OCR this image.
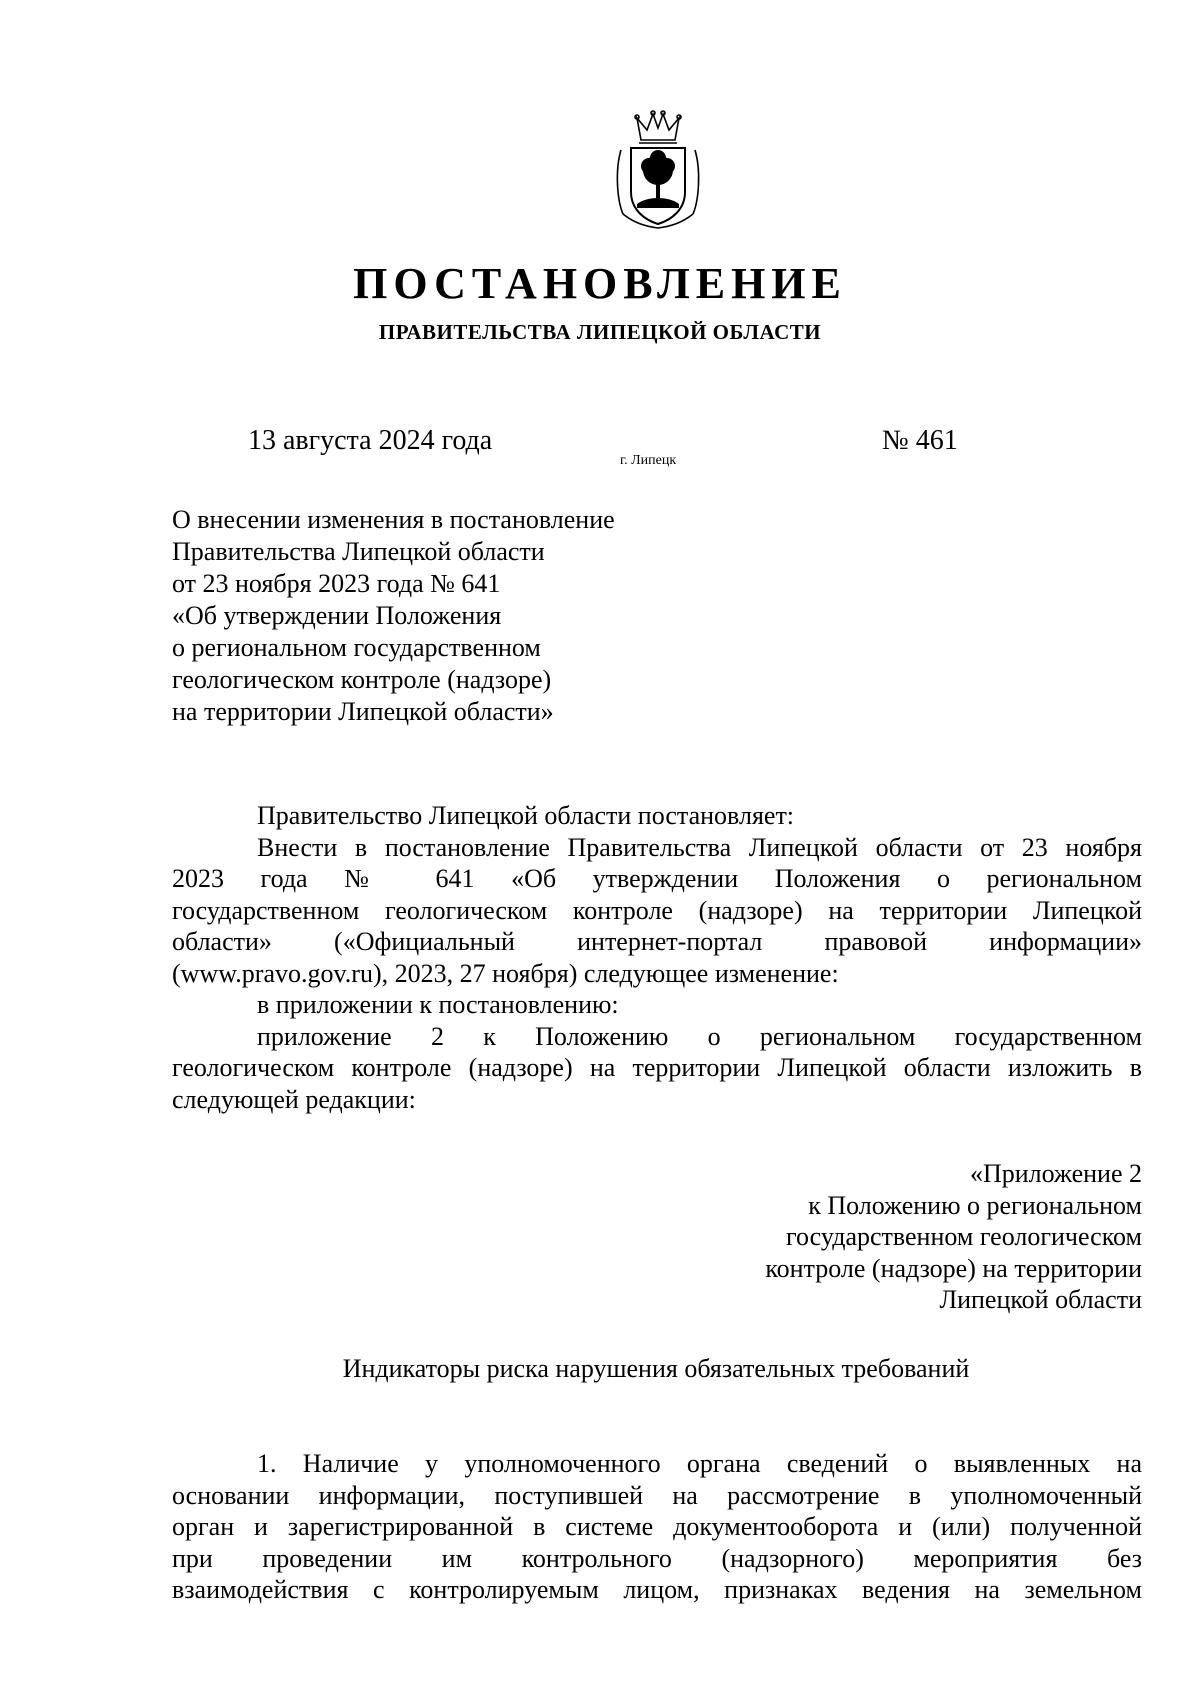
ПОСТАНОВЛЕНИЕ
ПРАВИТЕЛЬСТВА ЛИПЕЦКОЙ ОБЛАСТИ
13 августа 2024 года
г. Липецк
№ 461
О внесении изменения в постановление
Правительства Липецкой области
от 23 ноября 2023 года № 641
«Об утверждении Положения
о региональном государственном
геологическом контроле (надзоре)
на территории Липецкой области»
Правительство Липецкой области постановляет:
Внести в постановление Правительства Липецкой области от 23 ноября
2023 года № 641 «Об утверждении Положения о региональном
государственном геологическом контроле (надзоре) на территории Липецкой
области» («Официальный интернет-портал правовой информации»
(www.pravo.gov.ru), 2023, 27 ноября) следующее изменение:
в приложении к постановлению:
приложение 2 к Положению о региональном государственном
геологическом контроле (надзоре) на территории Липецкой области изложить в
следующей редакции:
«Приложение 2
к Положению о региональном
государственном геологическом
контроле (надзоре) на территории
Липецкой области
Индикаторы риска нарушения обязательных требований
1. Наличие у уполномоченного органа сведений о выявленных на
основании информации, поступившей на рассмотрение в уполномоченный
орган и зарегистрированной в системе документооборота и (или) полученной
при проведении им контрольного (надзорного) мероприятия без
взаимодействия с контролируемым лицом, признаках ведения на земельном
